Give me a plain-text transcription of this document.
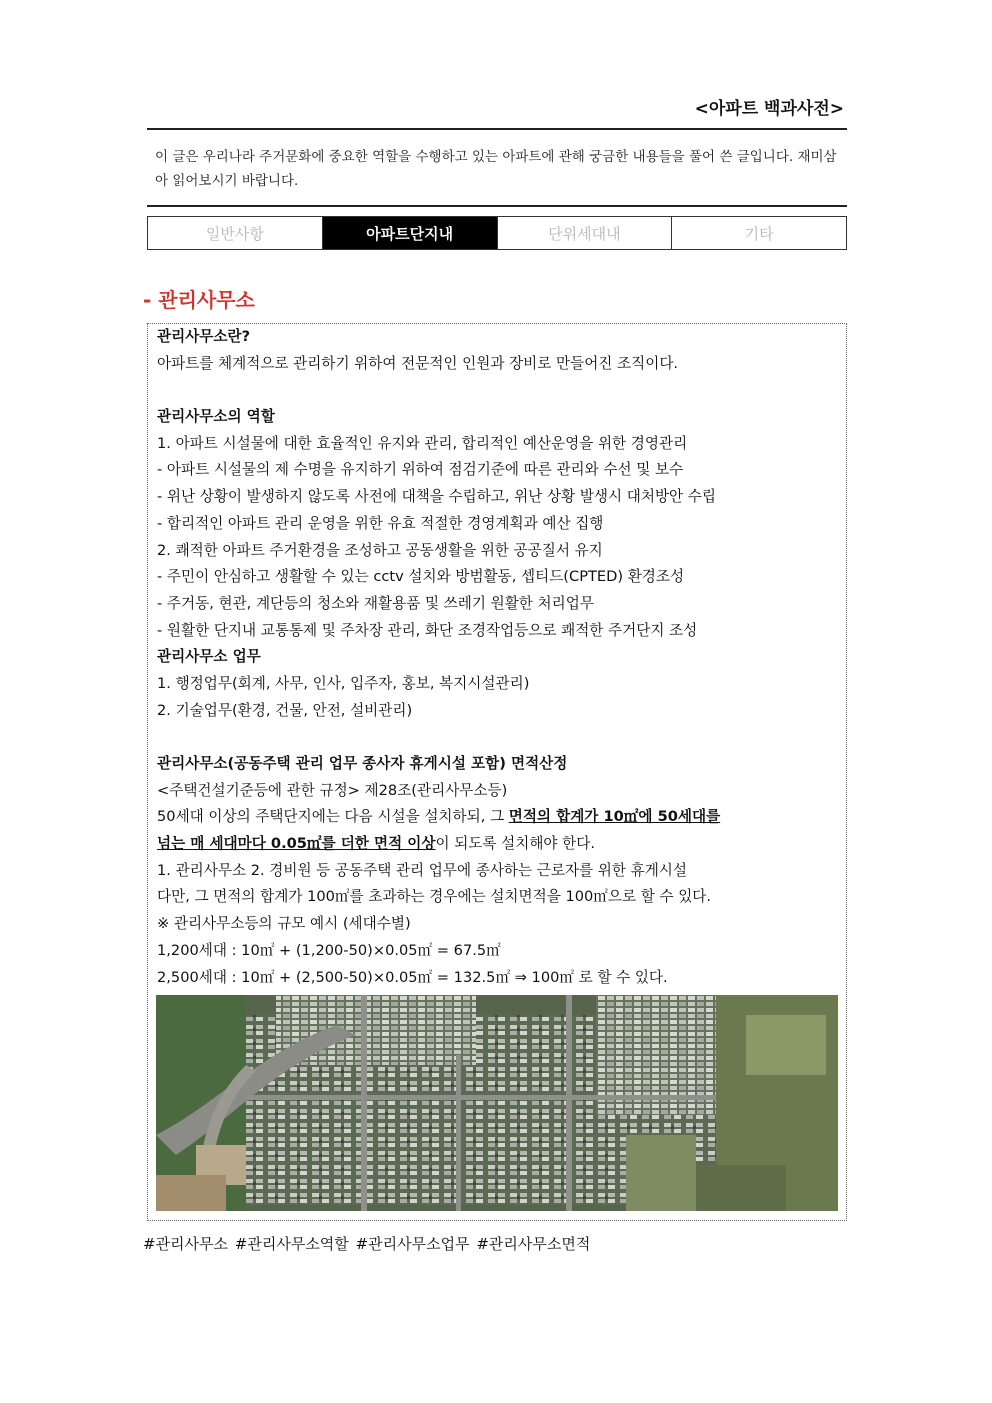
<아파트 백과사전>
이 글은 우리나라 주거문화에 중요한 역할을 수행하고 있는 아파트에 관해 궁금한 내용들을 풀어 쓴 글입니다. 재미삼아 읽어보시기 바랍니다.
일반사항	아파트단지내	단위세대내	기타
- 관리사무소
관리사무소란?
아파트를 체계적으로 관리하기 위하여 전문적인 인원과 장비로 만들어진 조직이다.
관리사무소의 역할
1. 아파트 시설물에 대한 효율적인 유지와 관리, 합리적인 예산운영을 위한 경영관리
- 아파트 시설물의 제 수명을 유지하기 위하여 점검기준에 따른 관리와 수선 및 보수
- 위난 상황이 발생하지 않도록 사전에 대책을 수립하고, 위난 상황 발생시 대처방안 수립
- 합리적인 아파트 관리 운영을 위한 유효 적절한 경영계획과 예산 집행
2. 쾌적한 아파트 주거환경을 조성하고 공동생활을 위한 공공질서 유지
- 주민이 안심하고 생활할 수 있는 cctv 설치와 방범활동, 셉티드(CPTED) 환경조성
- 주거동, 현관, 계단등의 청소와 재활용품 및 쓰레기 원활한 처리업무
- 원활한 단지내 교통통제 및 주차장 관리, 화단 조경작업등으로 쾌적한 주거단지 조성
관리사무소 업무
1. 행정업무(회계, 사무, 인사, 입주자, 홍보, 복지시설관리)
2. 기술업무(환경, 건물, 안전, 설비관리)
관리사무소(공동주택 관리 업무 종사자 휴게시설 포함) 면적산정
<주택건설기준등에 관한 규정> 제28조(관리사무소등)
50세대 이상의 주택단지에는 다음 시설을 설치하되, 그 면적의 합계가 10㎡에 50세대를
넘는 매 세대마다 0.05㎡를 더한 면적 이상이 되도록 설치해야 한다.
1. 관리사무소 2. 경비원 등 공동주택 관리 업무에 종사하는 근로자를 위한 휴게시설
다만, 그 면적의 합계가 100㎡를 초과하는 경우에는 설치면적을 100㎡으로 할 수 있다.
※ 관리사무소등의 규모 예시 (세대수별)
1,200세대 : 10㎡ + (1,200-50)×0.05㎡ = 67.5㎡
2,500세대 : 10㎡ + (2,500-50)×0.05㎡ = 132.5㎡ ⇒ 100㎡ 로 할 수 있다.
#관리사무소 #관리사무소역할 #관리사무소업무 #관리사무소면적
